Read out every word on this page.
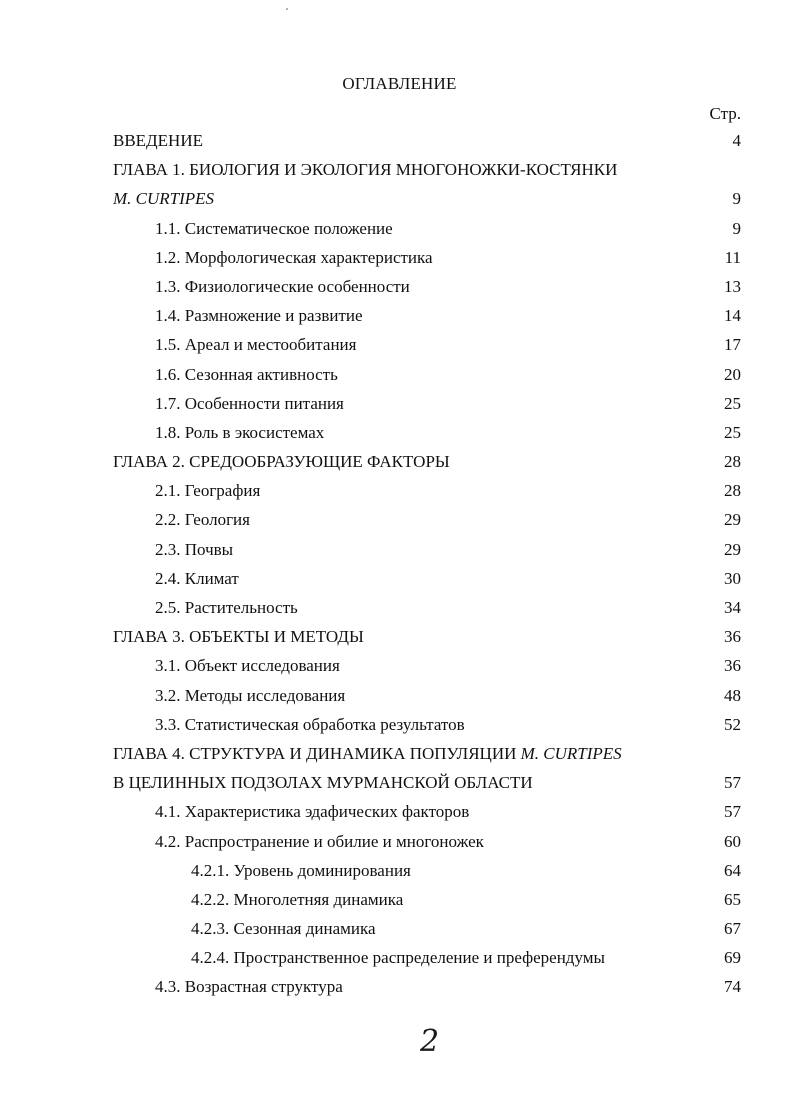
ОГЛАВЛЕНИЕ
Стр.
ВВЕДЕНИЕ	4
ГЛАВА 1. БИОЛОГИЯ И ЭКОЛОГИЯ МНОГОНОЖКИ-КОСТЯНКИ
M. CURTIPES	9
1.1. Систематическое положение	9
1.2. Морфологическая характеристика	11
1.3. Физиологические особенности	13
1.4. Размножение и развитие	14
1.5. Ареал и местообитания	17
1.6. Сезонная активность	20
1.7. Особенности питания	25
1.8. Роль в экосистемах	25
ГЛАВА 2. СРЕДООБРАЗУЮЩИЕ ФАКТОРЫ	28
2.1. География	28
2.2. Геология	29
2.3. Почвы	29
2.4. Климат	30
2.5. Растительность	34
ГЛАВА 3. ОБЪЕКТЫ И МЕТОДЫ	36
3.1. Объект исследования	36
3.2. Методы исследования	48
3.3. Статистическая обработка результатов	52
ГЛАВА 4. СТРУКТУРА И ДИНАМИКА ПОПУЛЯЦИИ M. CURTIPES
В ЦЕЛИННЫХ ПОДЗОЛАХ МУРМАНСКОЙ ОБЛАСТИ	57
4.1. Характеристика эдафических факторов	57
4.2. Распространение и обилие и многоножек	60
4.2.1. Уровень доминирования	64
4.2.2. Многолетняя динамика	65
4.2.3. Сезонная динамика	67
4.2.4. Пространственное распределение и преферендумы	69
4.3. Возрастная структура	74
2
